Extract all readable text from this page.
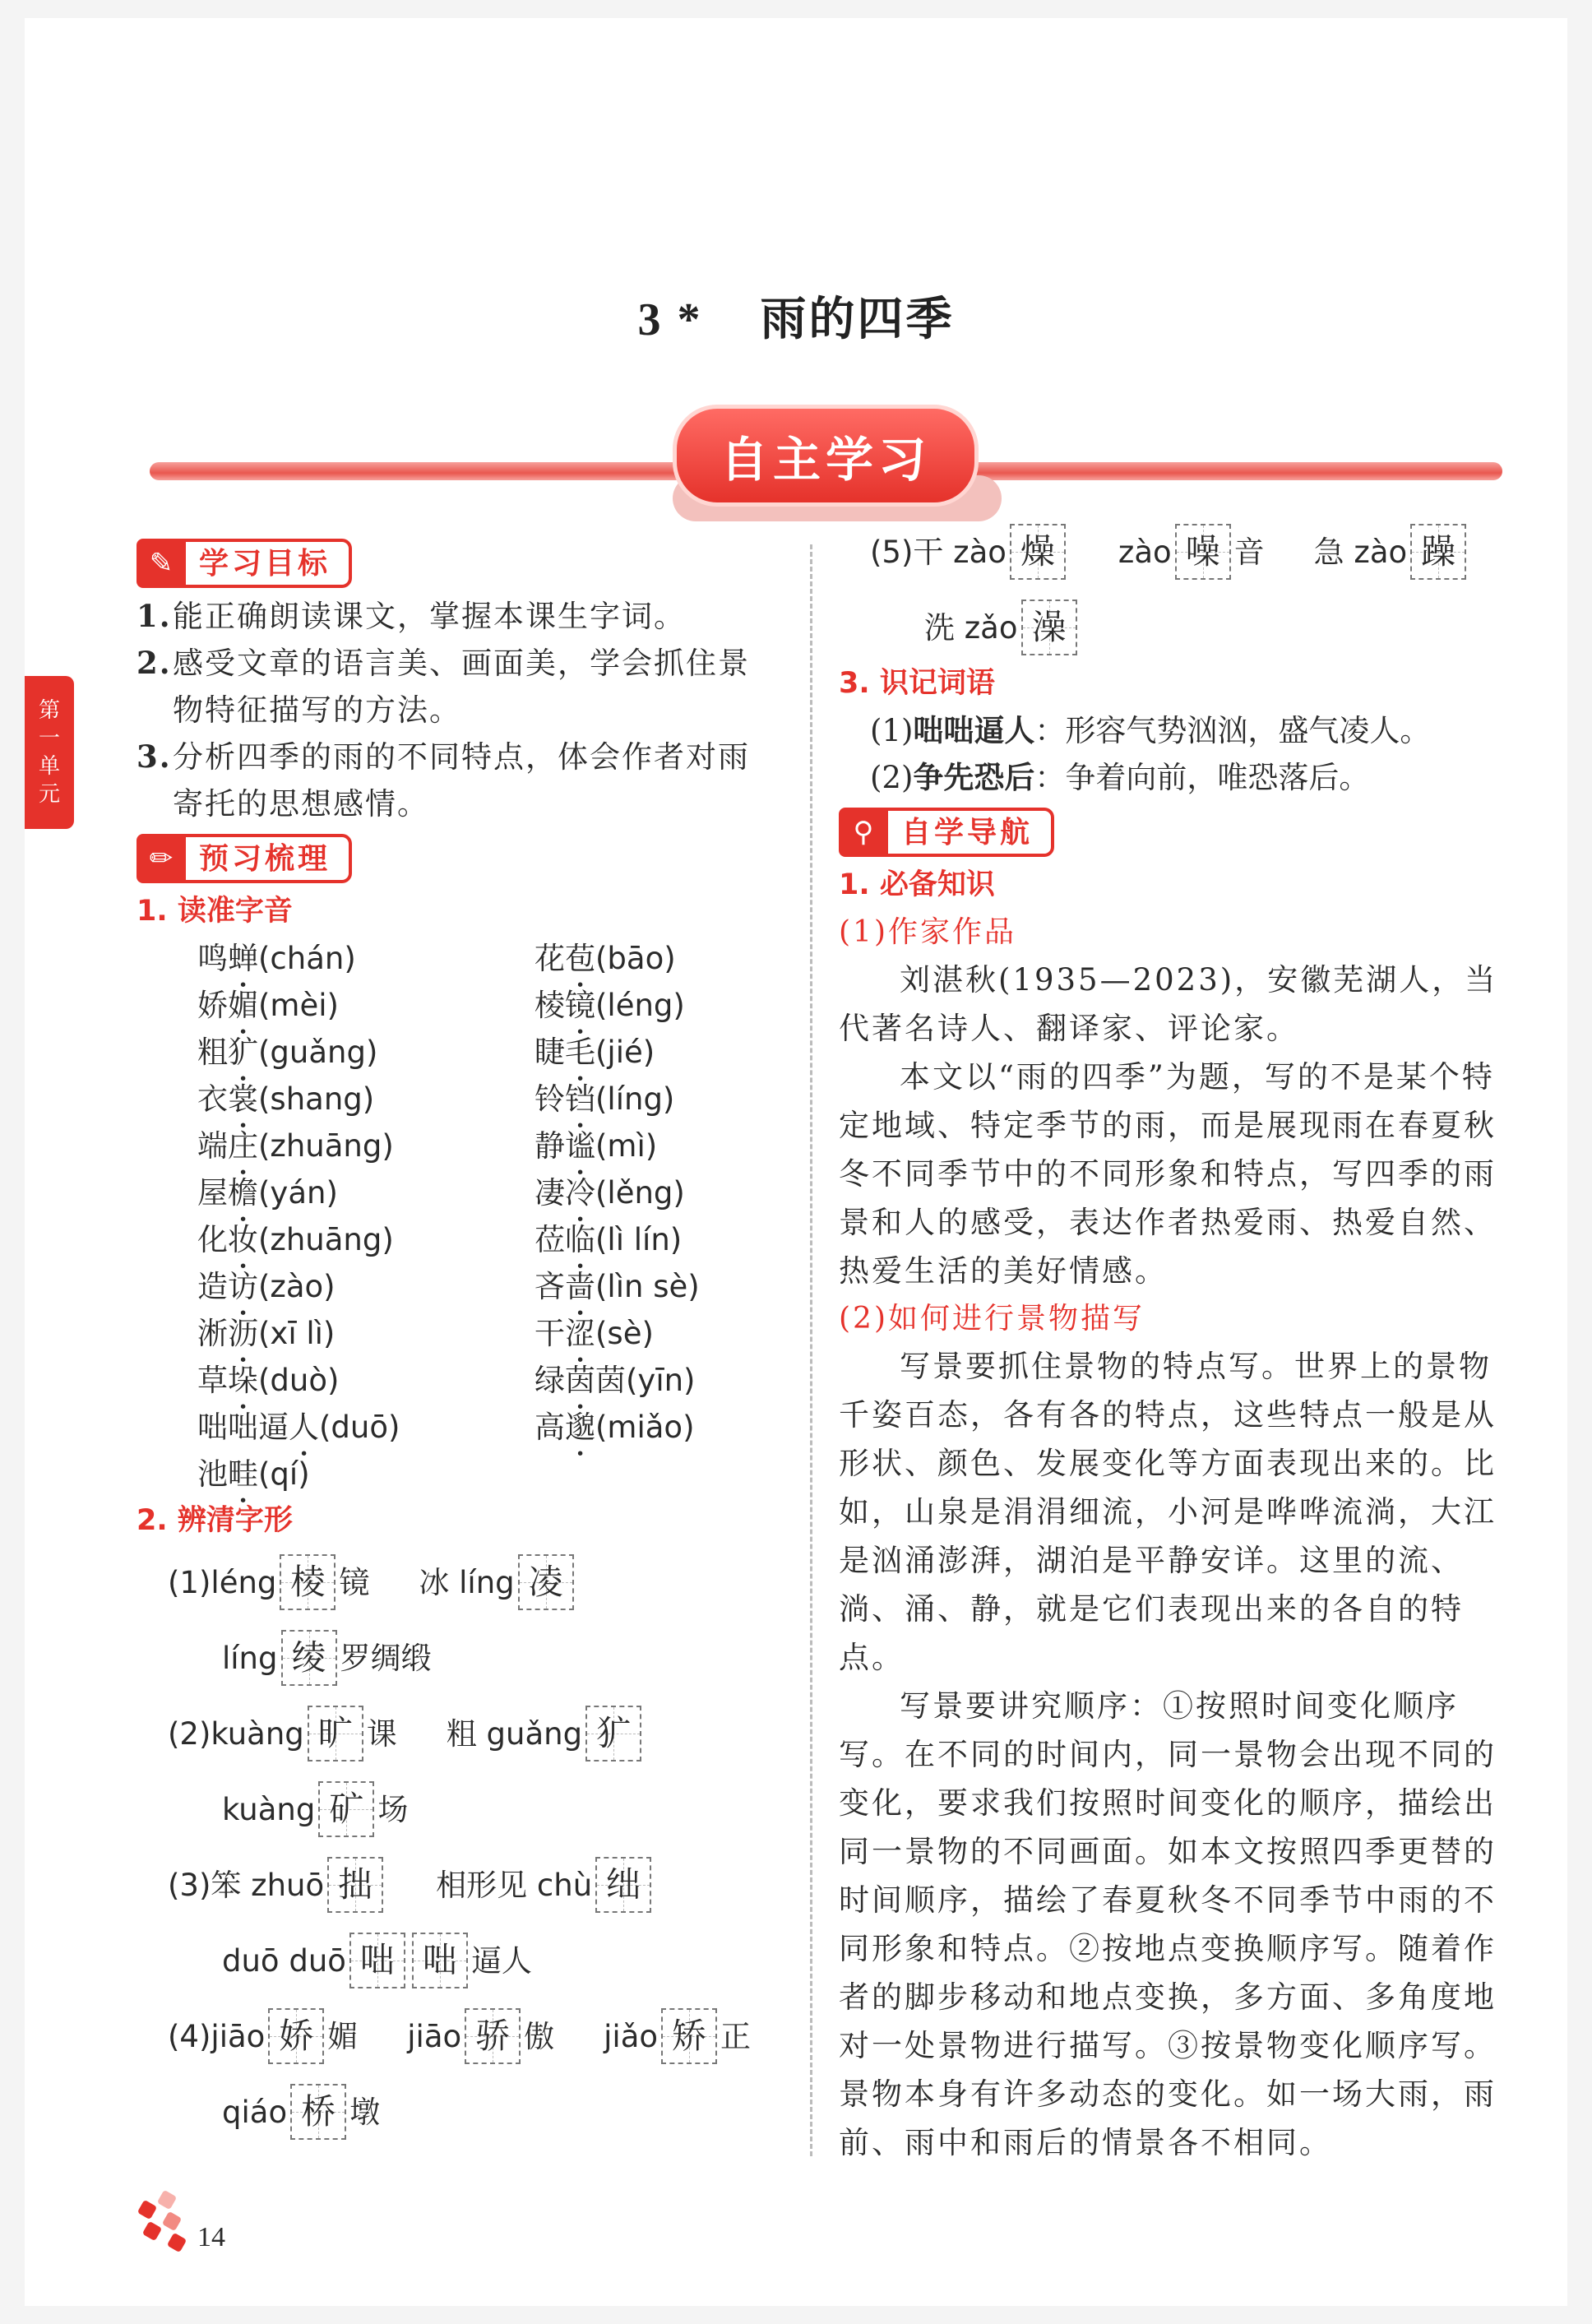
3 * 雨的四季
自主学习
第
一
单
元
✎ 学习目标
1. 能正确朗读课文，掌握本课生字词。
2. 感受文章的语言美、画面美，学会抓住景
物特征描写的方法。
3. 分析四季的雨的不同特点，体会作者对雨
寄托的思想感情。
✏ 预习梳理
1. 读准字音
鸣蝉(chán)	花苞(bāo)
娇媚(mèi)	棱镜(léng)
粗犷(guǎng)	睫毛(jié)
衣裳(shang)	铃铛(líng)
端庄(zhuāng)	静谧(mì)
屋檐(yán)	凄冷(lěng)
化妆(zhuāng)	莅临(lì lín)
造访(zào)	吝啬(lìn sè)
淅沥(xī lì)	干涩(sè)
草垛(duò)	绿茵茵(yīn)
咄咄逼人(duō)	高邈(miǎo)
池畦(qí)
2. 辨清字形
(1)léng 棱 镜 冰 líng 凌
líng 绫 罗绸缎
(2)kuàng 旷 课 粗 guǎng 犷
kuàng 矿 场
(3)笨 zhuō 拙	相形见 chù 绌
duō duō 咄 咄 逼人
(4)jiāo 娇 媚 jiāo 骄 傲 jiǎo 矫 正
qiáo 桥 墩
(5)干 zào 燥	zào 噪 音 急 zào 躁
洗 zǎo 澡
3. 识记词语
(1)咄咄逼人：形容气势汹汹，盛气凌人。
(2)争先恐后：争着向前，唯恐落后。
⚲ 自学导航
1. 必备知识
(1)作家作品
刘湛秋(1935—2023)，安徽芜湖人，当代著名诗人、翻译家、评论家。
本文以“雨的四季”为题，写的不是某个特定地域、特定季节的雨，而是展现雨在春夏秋冬不同季节中的不同形象和特点，写四季的雨景和人的感受，表达作者热爱雨、热爱自然、热爱生活的美好情感。
(2)如何进行景物描写
写景要抓住景物的特点写。世界上的景物千姿百态，各有各的特点，这些特点一般是从形状、颜色、发展变化等方面表现出来的。比如，山泉是涓涓细流，小河是哗哗流淌，大江是汹涌澎湃，湖泊是平静安详。这里的流、淌、涌、静，就是它们表现出来的各自的特点。
写景要讲究顺序：①按照时间变化顺序写。在不同的时间内，同一景物会出现不同的变化，要求我们按照时间变化的顺序，描绘出同一景物的不同画面。如本文按照四季更替的时间顺序，描绘了春夏秋冬不同季节中雨的不同形象和特点。②按地点变换顺序写。随着作者的脚步移动和地点变换，多方面、多角度地对一处景物进行描写。③按景物变化顺序写。景物本身有许多动态的变化。如一场大雨，雨前、雨中和雨后的情景各不相同。
14
